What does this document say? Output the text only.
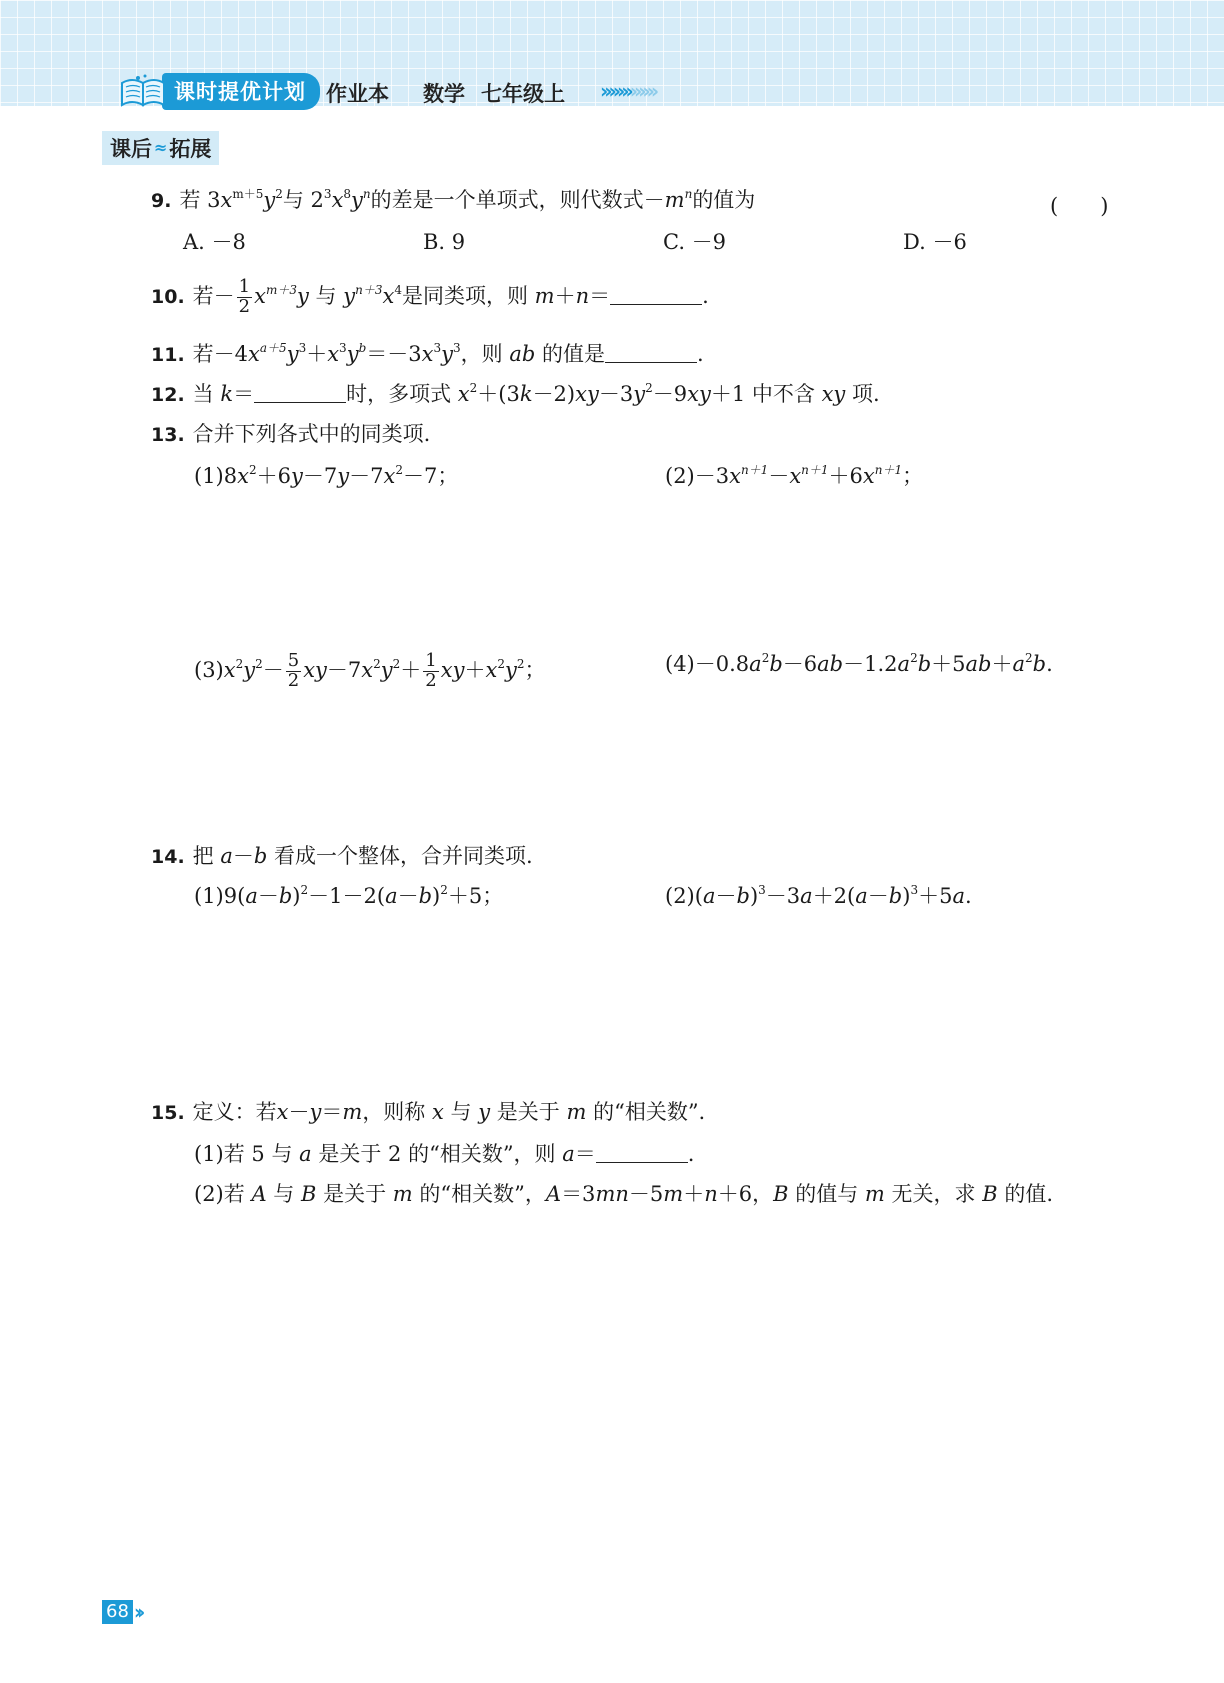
课时提优计划 作业本 数学 七年级上 ›››››››››››››
课后 ≈ 拓展
9. 若 $3x^{m+5}y^2$与 $2^3x^8y^n$的差是一个单项式，则代数式$-m^n$的值为	(　　)
A. －8	B. 9	C. －9	D. －6
10. 若－ $\frac{1}{2} x^{m+3}y$ 与 $y^{n+3}x^4$是同类项，则 m＋n＝	.
11. 若$-4x^{a+5}y^3+x^3y^b=-3x^3y^3$，则 ab 的值是	.
12. 当 k＝	时，多项式 $x^2+(3k-2)xy-3y^2-9xy+1$ 中不含 xy 项.
13. 合并下列各式中的同类项.
$(1)8x^2+6y-7y-7x^2-7$；	$(2)-3x^{n+1}-x^{n+1}+6x^{n+1}$；
$(3)x^2y^2- \frac{5}{2} xy-7x^2y^2+ \frac{1}{2} xy+x^2y^2$；	$(4)-0.8a^2b-6ab-1.2a^2b+5ab+a^2b$.
14. 把 a－b 看成一个整体，合并同类项.
$(1)9(a-b)^2-1-2(a-b)^2+5$；	$(2)(a-b)^3-3a+2(a-b)^3+5a$.
15. 定义：若x－y＝m，则称 x 与 y 是关于 m 的“相关数”.
(1)若 5 与 a 是关于 2 的“相关数”，则 a＝	.
(2)若 A 与 B 是关于 m 的“相关数”，A＝3mn－5m＋n＋6，B 的值与 m 无关，求 B 的值.
68 ››
